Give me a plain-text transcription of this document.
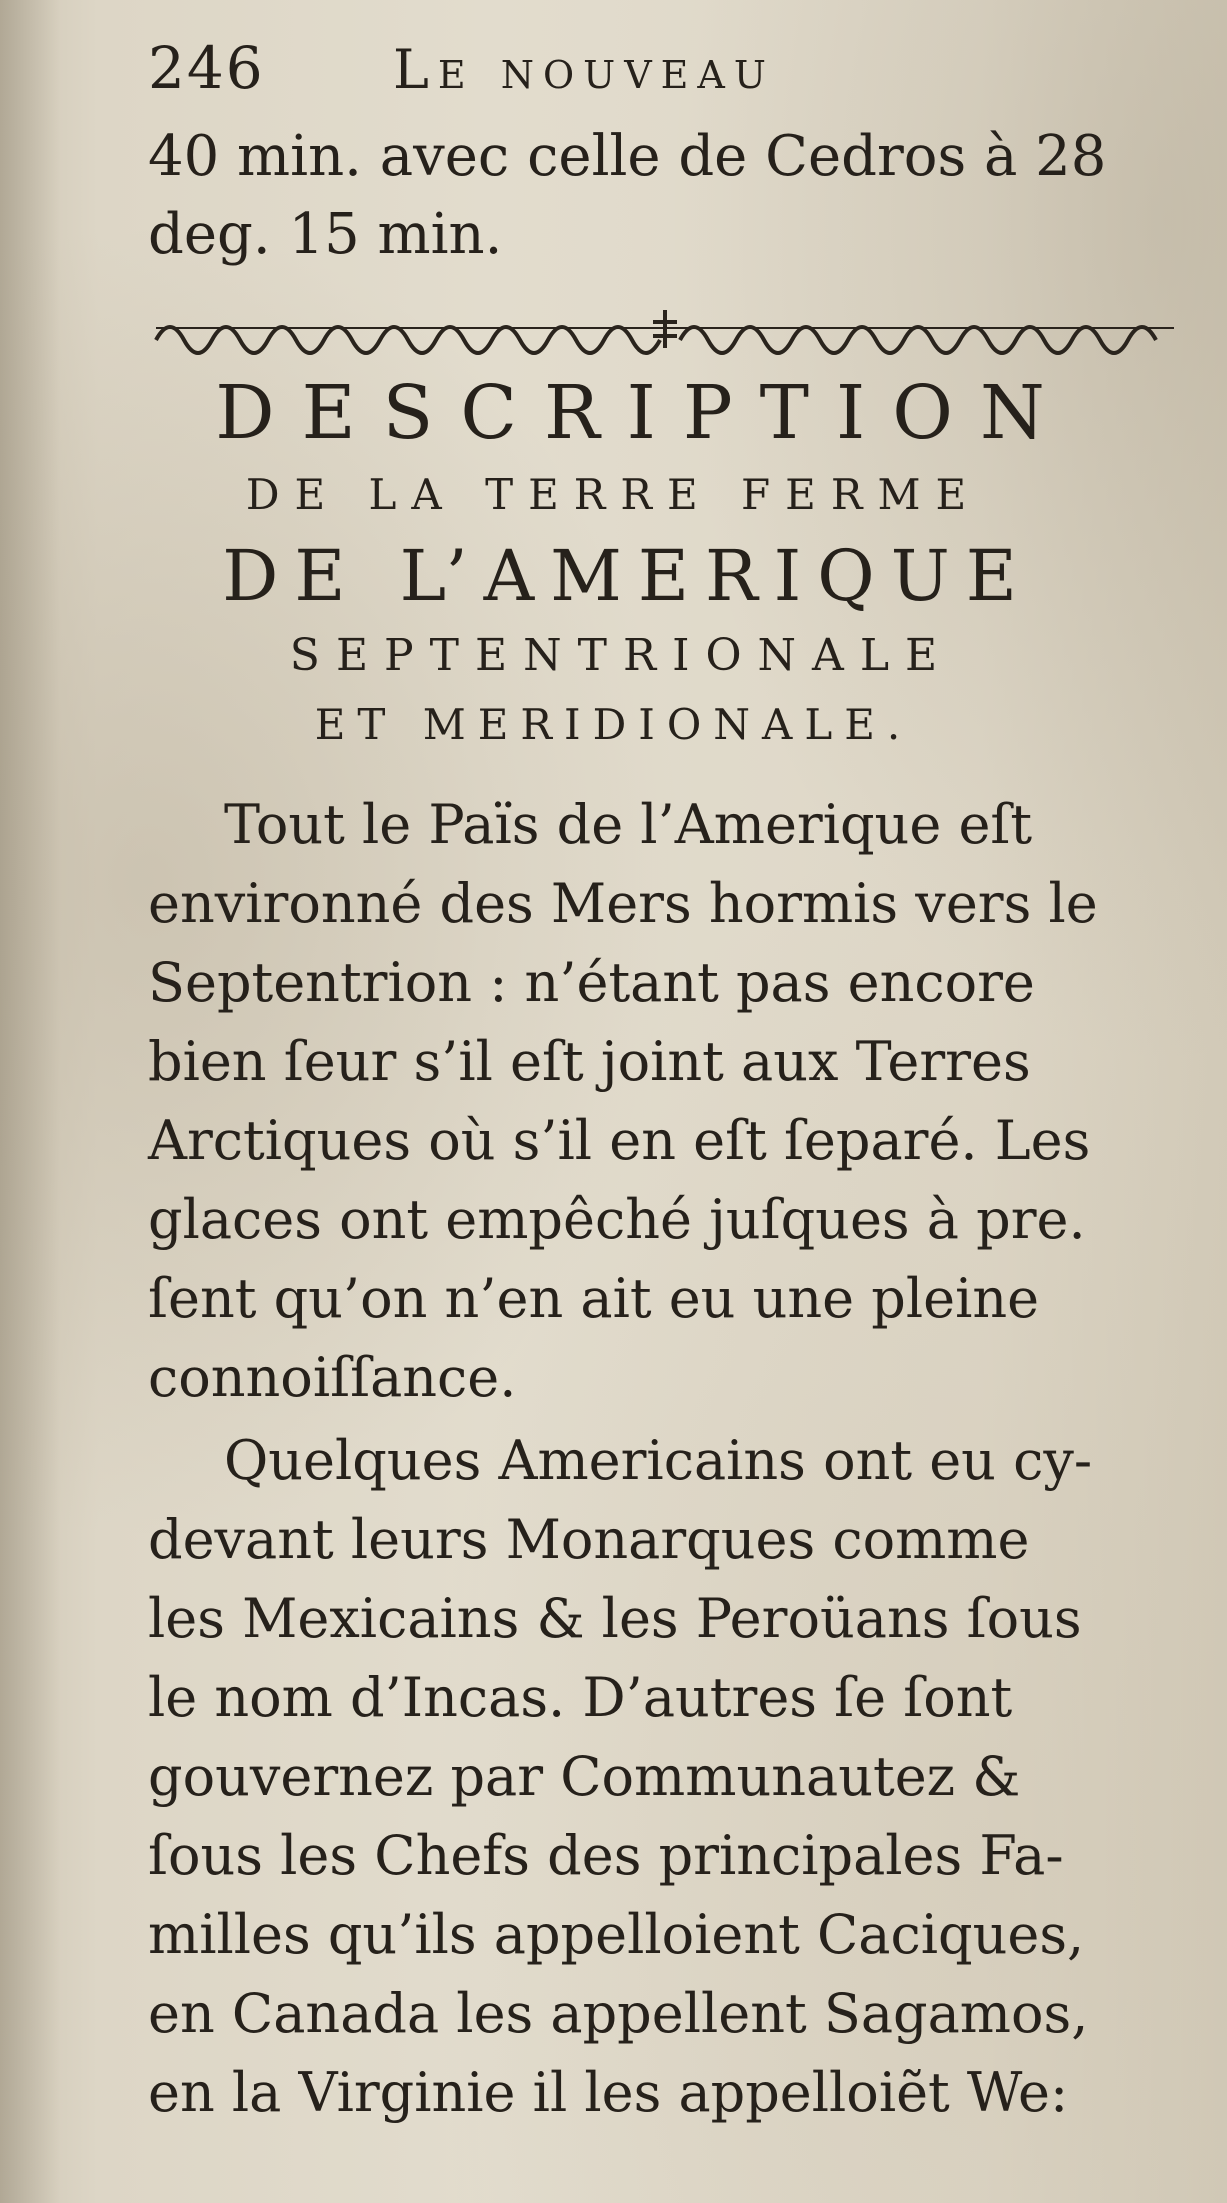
246 Le nouveau
40 min. avec celle de Cedros à 28
deg. 15 min.
DESCRIPTION
DE LA TERRE FERME
DE L’AMERIQUE
SEPTENTRIONALE
ET MERIDIONALE.
Tout le Païs de l’Amerique eſt
environné des Mers hormis vers le
Septentrion : n’étant pas encore
bien ſeur s’il eſt joint aux Terres
Arctiques où s’il en eſt ſeparé. Les
glaces ont empêché juſques à pre.
ſent qu’on n’en ait eu une pleine
connoiſſance.
Quelques Americains ont eu cy-
devant leurs Monarques comme
les Mexicains & les Peroüans ſous
le nom d’Incas. D’autres ſe ſont
gouvernez par Communautez &
ſous les Chefs des principales Fa-
milles qu’ils appelloient Caciques,
en Canada les appellent Sagamos,
en la Virginie il les appelloiẽt We:
